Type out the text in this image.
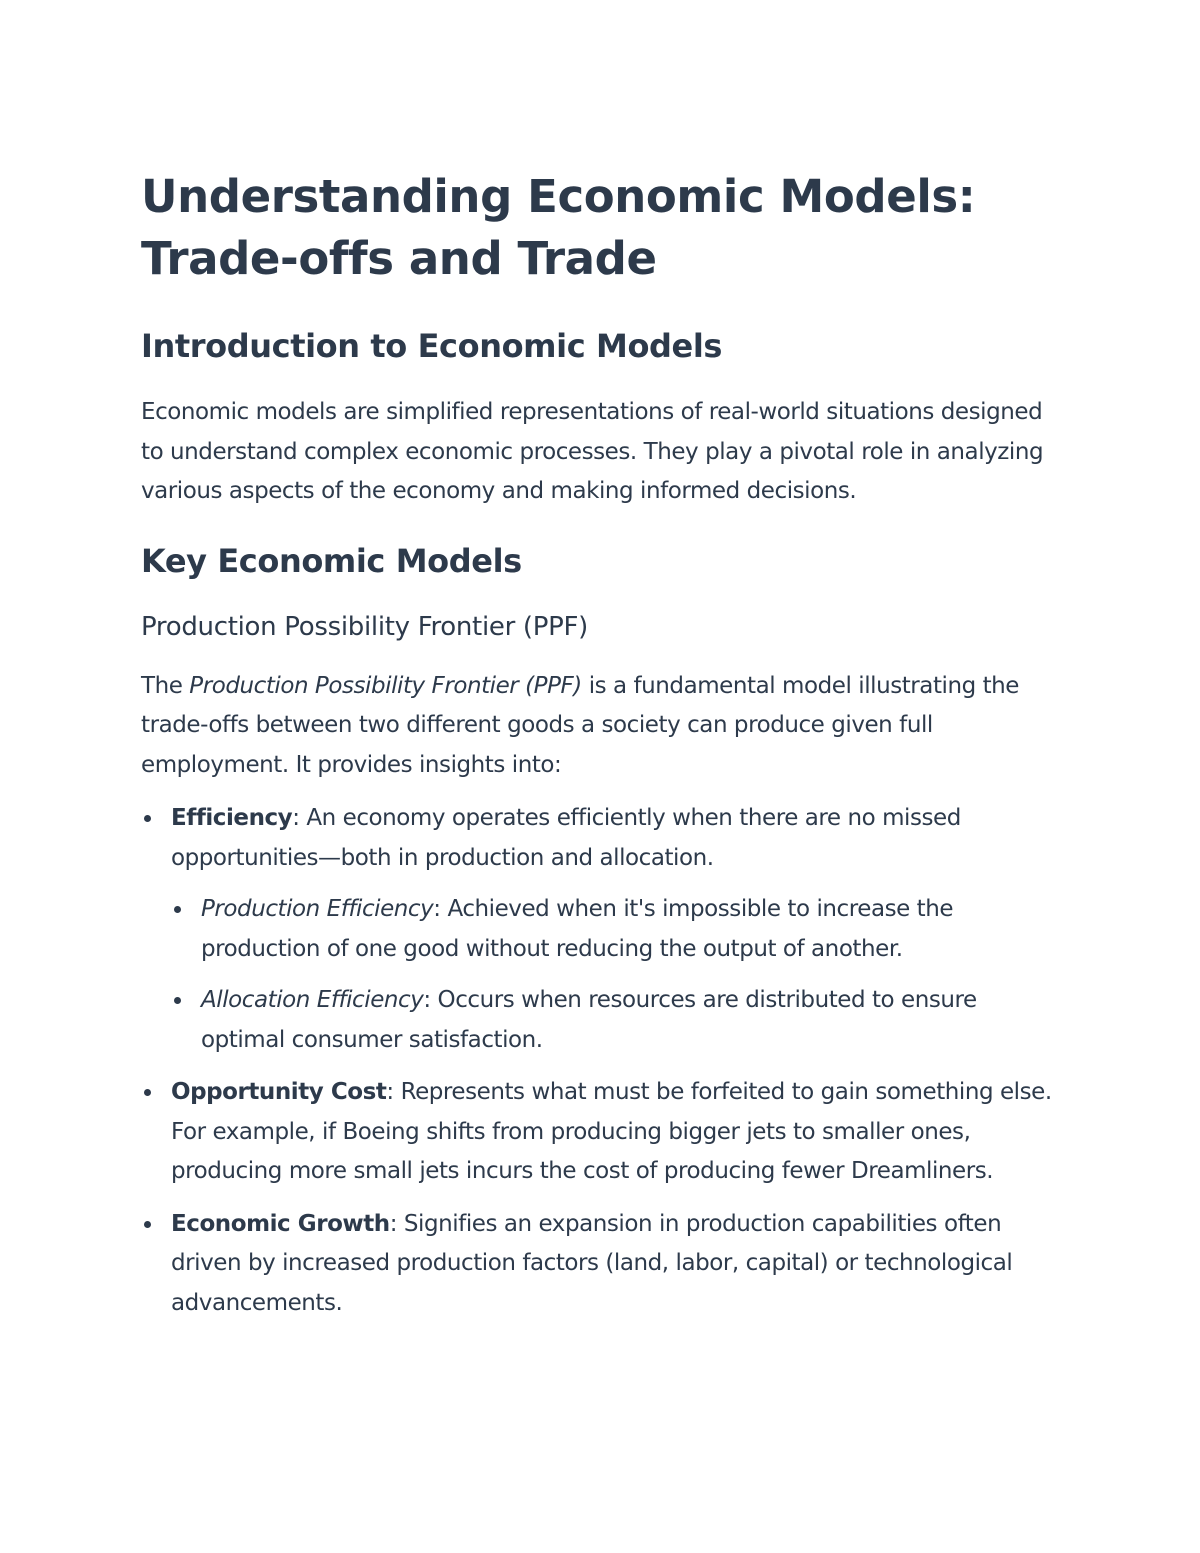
Understanding Economic Models: Trade-offs and Trade
Introduction to Economic Models

Economic models are simplified representations of real-world situations designed to understand complex economic processes. They play a pivotal role in analyzing various aspects of the economy and making informed decisions.

Key Economic Models
Production Possibility Frontier (PPF)

The Production Possibility Frontier (PPF) is a fundamental model illustrating the trade-offs between two different goods a society can produce given full employment. It provides insights into:

Efficiency: An economy operates efficiently when there are no missed opportunities—both in production and allocation.
Production Efficiency: Achieved when it's impossible to increase the production of one good without reducing the output of another.
Allocation Efficiency: Occurs when resources are distributed to ensure optimal consumer satisfaction.
Opportunity Cost: Represents what must be forfeited to gain something else. For example, if Boeing shifts from producing bigger jets to smaller ones, producing more small jets incurs the cost of producing fewer Dreamliners.
Economic Growth: Signifies an expansion in production capabilities often driven by increased production factors (land, labor, capital) or technological advancements.
